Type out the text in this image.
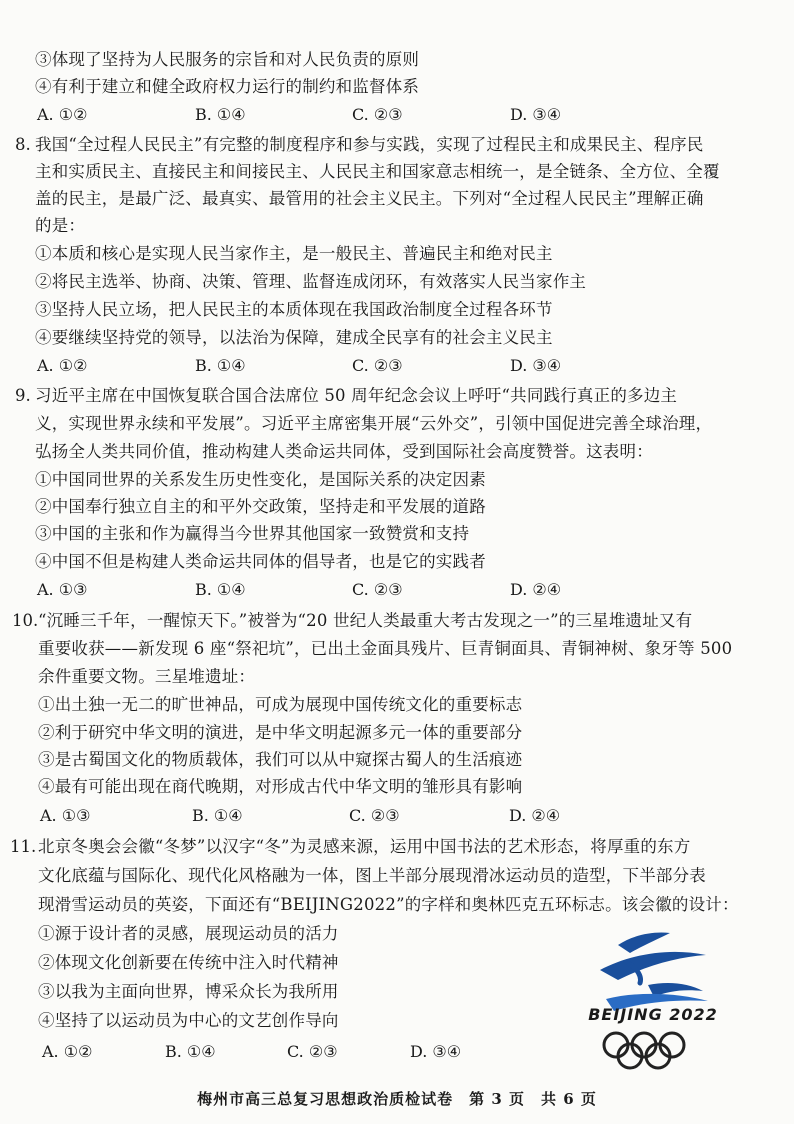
③体现了坚持为人民服务的宗旨和对人民负责的原则
④有利于建立和健全政府权力运行的制约和监督体系
A. ①②	B. ①④	C. ②③	D. ③④
8. 我国“全过程人民民主”有完整的制度程序和参与实践，实现了过程民主和成果民主、程序民
主和实质民主、直接民主和间接民主、人民民主和国家意志相统一，是全链条、全方位、全覆
盖的民主，是最广泛、最真实、最管用的社会主义民主。下列对“全过程人民民主”理解正确
的是：
①本质和核心是实现人民当家作主，是一般民主、普遍民主和绝对民主
②将民主选举、协商、决策、管理、监督连成闭环，有效落实人民当家作主
③坚持人民立场，把人民民主的本质体现在我国政治制度全过程各环节
④要继续坚持党的领导，以法治为保障，建成全民享有的社会主义民主
A. ①②	B. ①④	C. ②③	D. ③④
9. 习近平主席在中国恢复联合国合法席位 50 周年纪念会议上呼吁“共同践行真正的多边主
义，实现世界永续和平发展”。习近平主席密集开展“云外交”，引领中国促进完善全球治理，
弘扬全人类共同价值，推动构建人类命运共同体，受到国际社会高度赞誉。这表明：
①中国同世界的关系发生历史性变化，是国际关系的决定因素
②中国奉行独立自主的和平外交政策，坚持走和平发展的道路
③中国的主张和作为赢得当今世界其他国家一致赞赏和支持
④中国不但是构建人类命运共同体的倡导者，也是它的实践者
A. ①③	B. ①④	C. ②③	D. ②④
10. “沉睡三千年，一醒惊天下。”被誉为“20 世纪人类最重大考古发现之一”的三星堆遗址又有
重要收获——新发现 6 座“祭祀坑”，已出土金面具残片、巨青铜面具、青铜神树、象牙等 500
余件重要文物。三星堆遗址：
①出土独一无二的旷世神品，可成为展现中国传统文化的重要标志
②利于研究中华文明的演进，是中华文明起源多元一体的重要部分
③是古蜀国文化的物质载体，我们可以从中窥探古蜀人的生活痕迹
④最有可能出现在商代晚期，对形成古代中华文明的雏形具有影响
A. ①③	B. ①④	C. ②③	D. ②④
11. 北京冬奥会会徽“冬梦”以汉字“冬”为灵感来源，运用中国书法的艺术形态，将厚重的东方
文化底蕴与国际化、现代化风格融为一体，图上半部分展现滑冰运动员的造型，下半部分表
现滑雪运动员的英姿，下面还有“BEIJING2022”的字样和奥林匹克五环标志。该会徽的设计：
①源于设计者的灵感，展现运动员的活力
②体现文化创新要在传统中注入时代精神
③以我为主面向世界，博采众长为我所用
④坚持了以运动员为中心的文艺创作导向
A. ①②	B. ①④	C. ②③	D. ③④
BEIJING 2022
梅州市高三总复习思想政治质检试卷　第 3 页　共 6 页
